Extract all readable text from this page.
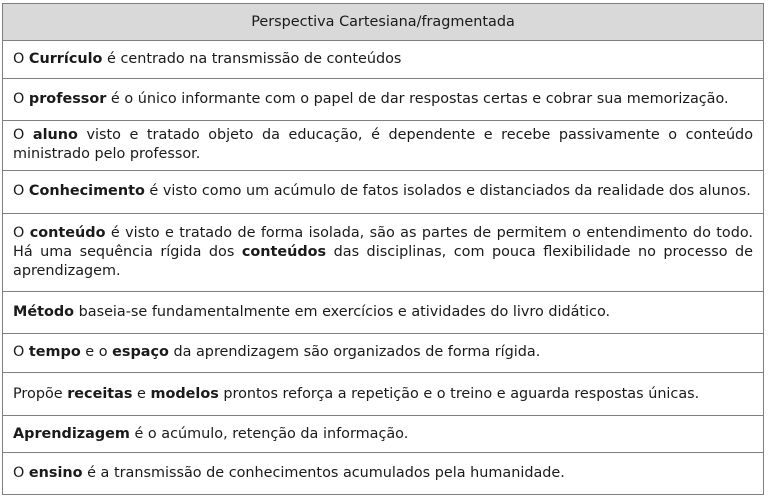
Perspectiva Cartesiana/fragmentada
O Currículo é centrado na transmissão de conteúdos
O professor é o único informante com o papel de dar respostas certas e cobrar sua memorização.
O aluno visto e tratado objeto da educação, é dependente e recebe passivamente o conteúdo ministrado pelo professor.
O Conhecimento é visto como um acúmulo de fatos isolados e distanciados da realidade dos alunos.
O conteúdo é visto e tratado de forma isolada, são as partes de permitem o entendimento do todo. Há uma sequência rígida dos conteúdos das disciplinas, com pouca flexibilidade no processo de aprendizagem.
Método baseia-se fundamentalmente em exercícios e atividades do livro didático.
O tempo e o espaço da aprendizagem são organizados de forma rígida.
Propõe receitas e modelos prontos reforça a repetição e o treino e aguarda respostas únicas.
Aprendizagem é o acúmulo, retenção da informação.
O ensino é a transmissão de conhecimentos acumulados pela humanidade.
